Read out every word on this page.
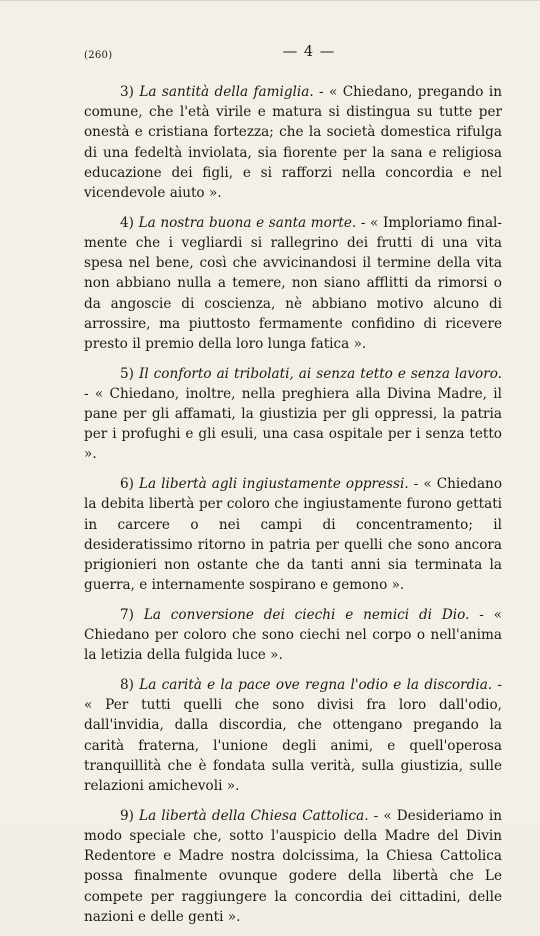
(260)	— 4 —

3) La santità della famiglia. - « Chiedano, pregando in comune, che l'età virile e matura si distingua su tutte per onestà e cristiana fortezza; che la società domestica rifulga di una fedeltà inviolata, sia fiorente per la sana e religiosa educazione dei figli, e si rafforzi nella concordia e nel vicendevole aiuto ».

4) La nostra buona e santa morte. - « Imploriamo finalmente che i vegliardi si rallegrino dei frutti di una vita spesa nel bene, così che avvicinandosi il termine della vita non abbiano nulla a temere, non siano afflitti da rimorsi o da angoscie di coscienza, nè abbiano motivo alcuno di arrossire, ma piuttosto fermamente confidino di ricevere presto il premio della loro lunga fatica ».

5) Il conforto ai tribolati, ai senza tetto e senza lavoro. - « Chiedano, inoltre, nella preghiera alla Divina Madre, il pane per gli affamati, la giustizia per gli oppressi, la patria per i profughi e gli esuli, una casa ospitale per i senza tetto ».

6) La libertà agli ingiustamente oppressi. - « Chiedano la debita libertà per coloro che ingiustamente furono gettati in carcere o nei campi di concentramento; il desideratissimo ritorno in patria per quelli che sono ancora prigionieri non ostante che da tanti anni sia terminata la guerra, e internamente sospirano e gemono ».

7) La conversione dei ciechi e nemici di Dio. - « Chiedano per coloro che sono ciechi nel corpo o nell'anima la letizia della fulgida luce ».

8) La carità e la pace ove regna l'odio e la discordia. - « Per tutti quelli che sono divisi fra loro dall'odio, dall'invidia, dalla discordia, che ottengano pregando la carità fraterna, l'unione degli animi, e quell'operosa tranquillità che è fondata sulla verità, sulla giustizia, sulle relazioni amichevoli ».

9) La libertà della Chiesa Cattolica. - « Desideriamo in modo speciale che, sotto l'auspicio della Madre del Divin Redentore e Madre nostra dolcissima, la Chiesa Cattolica possa finalmente ovunque godere della libertà che Le compete per raggiungere la concordia dei cittadini, delle nazioni e delle genti ».
